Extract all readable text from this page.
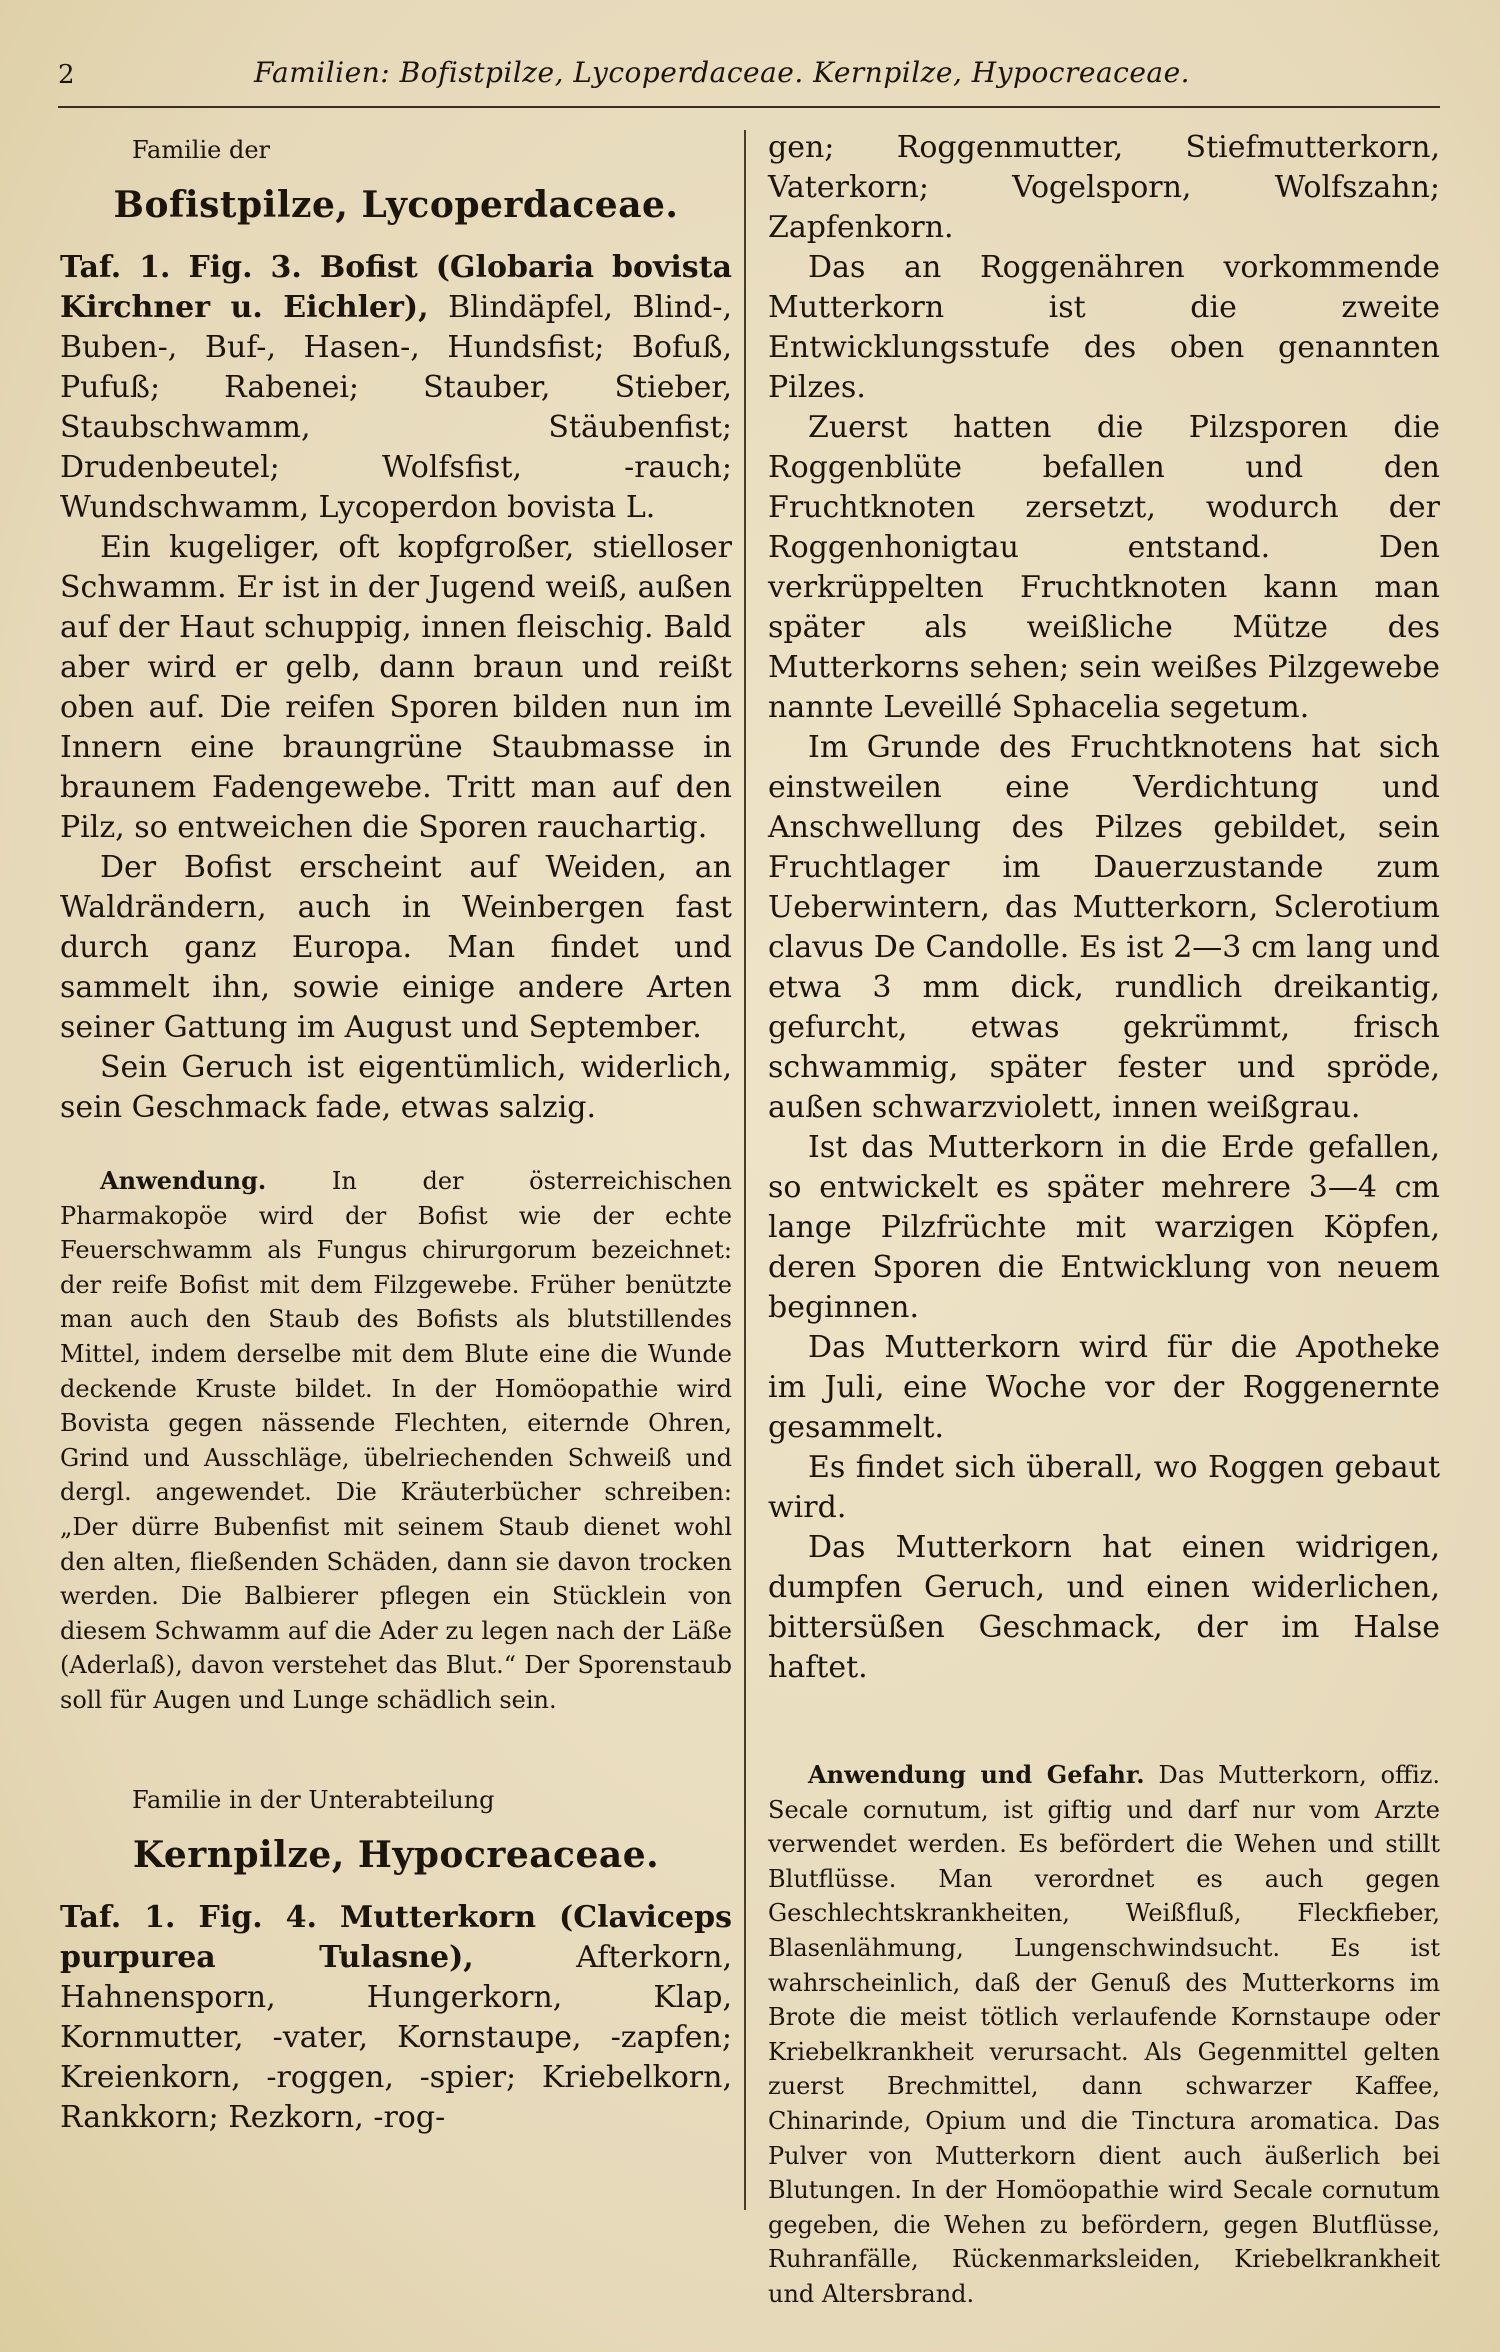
2	Familien: Bofistpilze, Lycoperdaceae. Kernpilze, Hypocreaceae.
Familie der
Bofistpilze, Lycoperdaceae.

Taf. 1. Fig. 3. Bofist (Globaria bovista Kirchner u. Eichler), Blindäpfel, Blind-, Buben-, Buf-, Hasen-, Hundsfist; Bofuß, Pufuß; Rabenei; Stauber, Stieber, Staubschwamm, Stäubenfist; Drudenbeutel; Wolfsfist, -rauch; Wundschwamm, Lycoperdon bovista L.

Ein kugeliger, oft kopfgroßer, stielloser Schwamm. Er ist in der Jugend weiß, außen auf der Haut schuppig, innen fleischig. Bald aber wird er gelb, dann braun und reißt oben auf. Die reifen Sporen bilden nun im Innern eine braungrüne Staubmasse in braunem Fadengewebe. Tritt man auf den Pilz, so entweichen die Sporen rauchartig.

Der Bofist erscheint auf Weiden, an Waldrändern, auch in Weinbergen fast durch ganz Europa. Man findet und sammelt ihn, sowie einige andere Arten seiner Gattung im August und September.

Sein Geruch ist eigentümlich, widerlich, sein Geschmack fade, etwas salzig.

Anwendung. In der österreichischen Pharmakopöe wird der Bofist wie der echte Feuerschwamm als Fungus chirurgorum bezeichnet: der reife Bofist mit dem Filzgewebe. Früher benützte man auch den Staub des Bofists als blutstillendes Mittel, indem derselbe mit dem Blute eine die Wunde deckende Kruste bildet. In der Homöopathie wird Bovista gegen nässende Flechten, eiternde Ohren, Grind und Ausschläge, übelriechenden Schweiß und dergl. angewendet. Die Kräuterbücher schreiben: „Der dürre Bubenfist mit seinem Staub dienet wohl den alten, fließenden Schäden, dann sie davon trocken werden. Die Balbierer pflegen ein Stücklein von diesem Schwamm auf die Ader zu legen nach der Läße (Aderlaß), davon verstehet das Blut.“ Der Sporenstaub soll für Augen und Lunge schädlich sein.

Familie in der Unterabteilung
Kernpilze, Hypocreaceae.

Taf. 1. Fig. 4. Mutterkorn (Claviceps purpurea Tulasne), Afterkorn, Hahnensporn, Hungerkorn, Klap, Kornmutter, -vater, Kornstaupe, -zapfen; Kreienkorn, -roggen, -spier; Kriebelkorn, Rankkorn; Rezkorn, -rog-

gen; Roggenmutter, Stiefmutterkorn, Vaterkorn; Vogelsporn, Wolfszahn; Zapfenkorn.

Das an Roggenähren vorkommende Mutterkorn ist die zweite Entwicklungsstufe des oben genannten Pilzes.

Zuerst hatten die Pilzsporen die Roggenblüte befallen und den Fruchtknoten zersetzt, wodurch der Roggenhonigtau entstand. Den verkrüppelten Fruchtknoten kann man später als weißliche Mütze des Mutterkorns sehen; sein weißes Pilzgewebe nannte Leveillé Sphacelia segetum.

Im Grunde des Fruchtknotens hat sich einstweilen eine Verdichtung und Anschwellung des Pilzes gebildet, sein Fruchtlager im Dauerzustande zum Ueberwintern, das Mutterkorn, Sclerotium clavus De Candolle. Es ist 2—3 cm lang und etwa 3 mm dick, rundlich dreikantig, gefurcht, etwas gekrümmt, frisch schwammig, später fester und spröde, außen schwarzviolett, innen weißgrau.

Ist das Mutterkorn in die Erde gefallen, so entwickelt es später mehrere 3—4 cm lange Pilzfrüchte mit warzigen Köpfen, deren Sporen die Entwicklung von neuem beginnen.

Das Mutterkorn wird für die Apotheke im Juli, eine Woche vor der Roggenernte gesammelt.

Es findet sich überall, wo Roggen gebaut wird.

Das Mutterkorn hat einen widrigen, dumpfen Geruch, und einen widerlichen, bittersüßen Geschmack, der im Halse haftet.

Anwendung und Gefahr. Das Mutterkorn, offiz. Secale cornutum, ist giftig und darf nur vom Arzte verwendet werden. Es befördert die Wehen und stillt Blutflüsse. Man verordnet es auch gegen Geschlechtskrankheiten, Weißfluß, Fleckfieber, Blasenlähmung, Lungenschwindsucht. Es ist wahrscheinlich, daß der Genuß des Mutterkorns im Brote die meist tötlich verlaufende Kornstaupe oder Kriebelkrankheit verursacht. Als Gegenmittel gelten zuerst Brechmittel, dann schwarzer Kaffee, Chinarinde, Opium und die Tinctura aromatica. Das Pulver von Mutterkorn dient auch äußerlich bei Blutungen. In der Homöopathie wird Secale cornutum gegeben, die Wehen zu befördern, gegen Blutflüsse, Ruhranfälle, Rückenmarksleiden, Kriebelkrankheit und Altersbrand.
